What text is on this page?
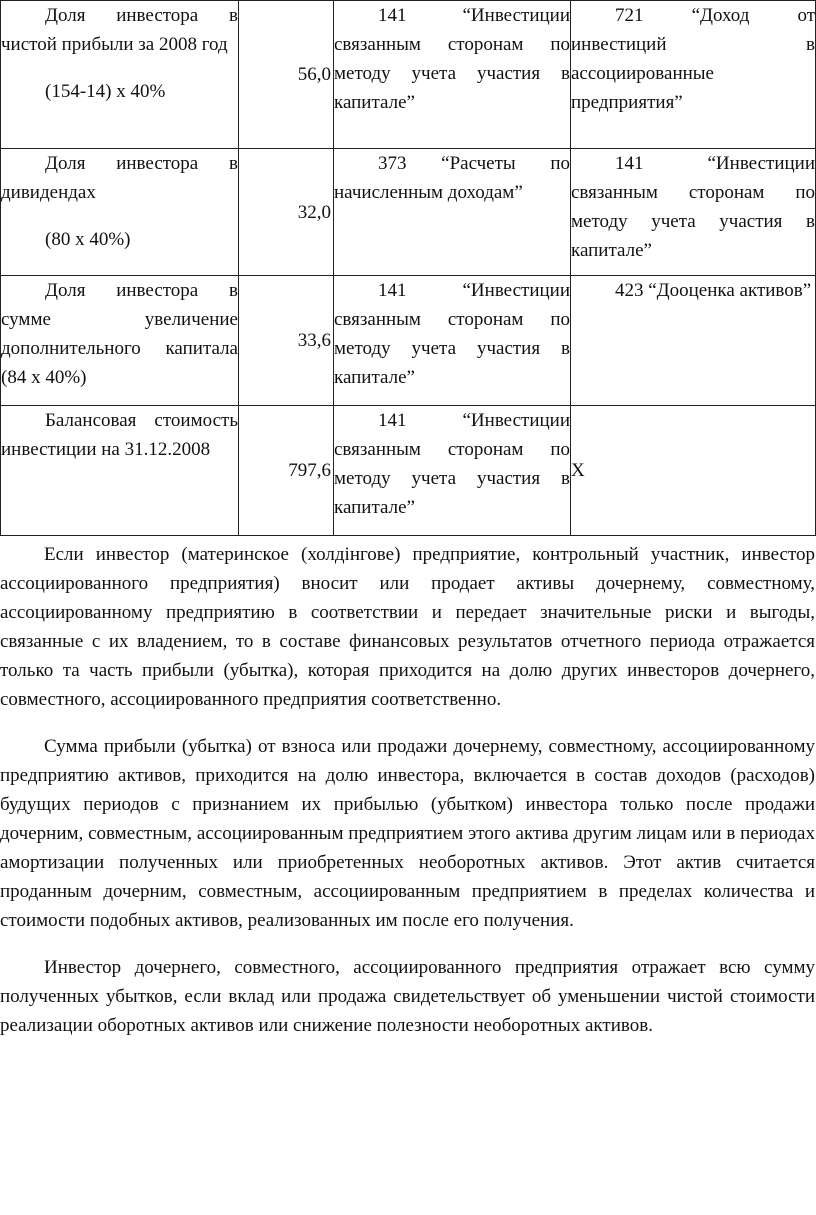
Доля инвестора в чистой прибыли за 2008 год

(154-14) х 40%	56,0	141 “Инвестиции связанным сторонам по методу учета участия в капитале”	721 “Доход от инвестиций в ассоциированные предприятия”

Доля инвестора в дивидендах

(80 х 40%)	32,0	373 “Расчеты по начисленным доходам”	141 “Инвестиции связанным сторонам по методу учета участия в капитале”

Доля инвестора в сумме увеличение дополнительного капитала (84 х 40%)	33,6	141 “Инвестиции связанным сторонам по методу учета участия в капитале”	423 “Дооценка активов”

Балансовая стоимость инвестиции на 31.12.2008	797,6	141 “Инвестиции связанным сторонам по методу учета участия в капитале”	Х

Если инвестор (материнское (холдінгове) предприятие, контрольный участник, инвестор ассоциированного предприятия) вносит или продает активы дочернему, совместному, ассоциированному предприятию в соответствии и передает значительные риски и выгоды, связанные с их владением, то в составе финансовых результатов отчетного периода отражается только та часть прибыли (убытка), которая приходится на долю других инвесторов дочернего, совместного, ассоциированного предприятия соответственно.

Сумма прибыли (убытка) от взноса или продажи дочернему, совместному, ассоциированному предприятию активов, приходится на долю инвестора, включается в состав доходов (расходов) будущих периодов с признанием их прибылью (убытком) инвестора только после продажи дочерним, совместным, ассоциированным предприятием этого актива другим лицам или в периодах амортизации полученных или приобретенных необоротных активов. Этот актив считается проданным дочерним, совместным, ассоциированным предприятием в пределах количества и стоимости подобных активов, реализованных им после его получения.

Инвестор дочернего, совместного, ассоциированного предприятия отражает всю сумму полученных убытков, если вклад или продажа свидетельствует об уменьшении чистой стоимости реализации оборотных активов или снижение полезности необоротных активов.
